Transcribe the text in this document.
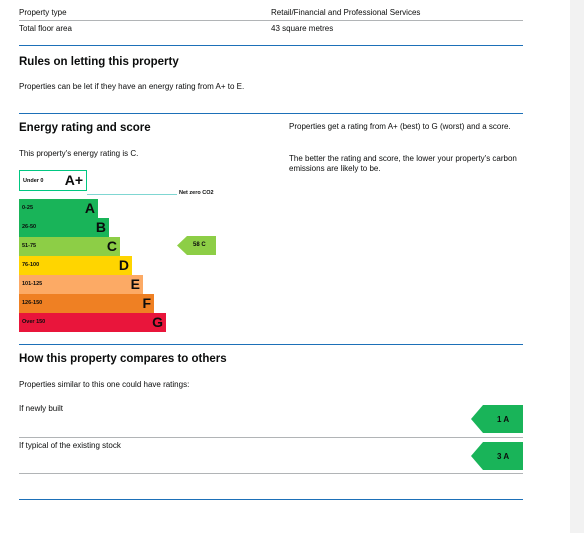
Property type	Retail/Financial and Professional Services
Total floor area	43 square metres
Rules on letting this property
Properties can be let if they have an energy rating from A+ to E.
Energy rating and score
This property's energy rating is C.
Properties get a rating from A+ (best) to G (worst) and a score.
The better the rating and score, the lower your property's carbon emissions are likely to be.
Under 0 A+
Net zero CO2
0-25	A
26-50	B
51-75	C
76-100	D
101-125	E
126-150	F
Over 150	G
58 C
How this property compares to others
Properties similar to this one could have ratings:
If newly built
1 A
If typical of the existing stock
3 A
